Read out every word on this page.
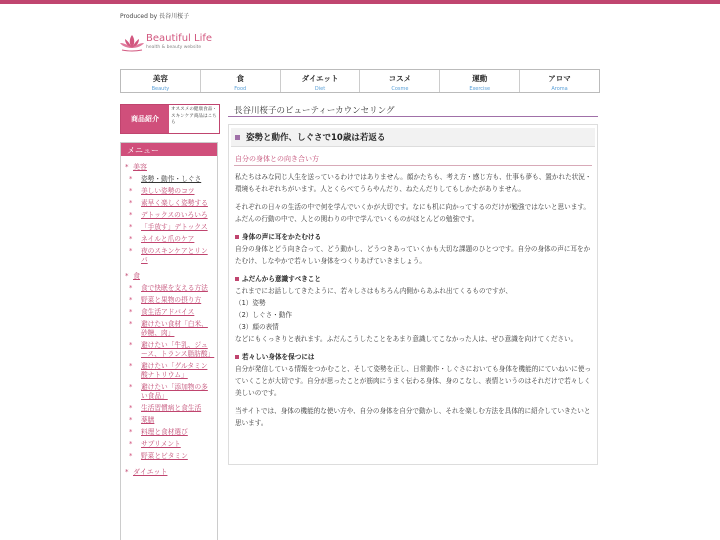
Produced by 長谷川桜子
Beautiful Life
health & beauty website
美容
Beauty
食
Food
ダイエット
Diet
コスメ
Cosme
運動
Exercise
アロマ
Aroma
商品紹介
オススメの健康食品・スキンケア商品はこちら
メニュー
* 美容
* 姿勢・動作・しぐさ
* 美しい姿勢のコツ
* 素早く楽しく姿勢する
* デトックスのいろいろ
* 「手放す」デトックス
* ネイルと爪のケア
* 夜のスキンケアとリンパ
* 食
* 食で快眠を支える方法
* 野菜と果物の摂り方
* 食生活アドバイス
* 避けたい食材「白米、砂糖、肉」
* 避けたい「牛乳、ジュース、トランス脂肪酸」
* 避けたい「グルタミン酸ナトリウム」
* 避けたい「添加物の多い食品」
* 生活習慣病と食生活
* 薬膳
* 料理と食材選び
* サプリメント
* 野菜とビタミン
* ダイエット
長谷川桜子のビューティーカウンセリング
姿勢と動作、しぐさで10歳は若返る
自分の身体との向き合い方
私たちはみな同じ人生を送っているわけではありません。顔かたちも、考え方・感じ方も、仕事も夢も、置かれた状況・環境もそれぞれちがいます。人とくらべてうらやんだり、ねたんだりしてもしかたがありません。
それぞれの日々の生活の中で何を学んでいくかが大切です。なにも机に向かってするのだけが勉強ではないと思います。ふだんの行動の中で、人との関わりの中で学んでいくものがほとんどの勉強です。
身体の声に耳をかたむける
自分の身体とどう向き合って、どう動かし、どうつきあっていくかも大切な課題のひとつです。自分の身体の声に耳をかたむけ、しなやかで若々しい身体をつくりあげていきましょう。
ふだんから意識すべきこと
これまでにお話ししてきたように、若々しさはもちろん内側からあふれ出てくるものですが、
（1）姿勢
（2）しぐさ・動作
（3）顔の表情
などにもくっきりと表れます。ふだんこうしたことをあまり意識してこなかった人は、ぜひ意識を向けてください。
若々しい身体を保つには
自分が発信している情報をつかむこと、そして姿勢を正し、日常動作・しぐさにおいても身体を機能的にていねいに使っていくことが大切です。自分が思ったことが筋肉にうまく伝わる身体、身のこなし、表情というのはそれだけで若々しく美しいのです。
当サイトでは、身体の機能的な使い方や、自分の身体を自分で動かし、それを楽しむ方法を具体的に紹介していきたいと思います。
